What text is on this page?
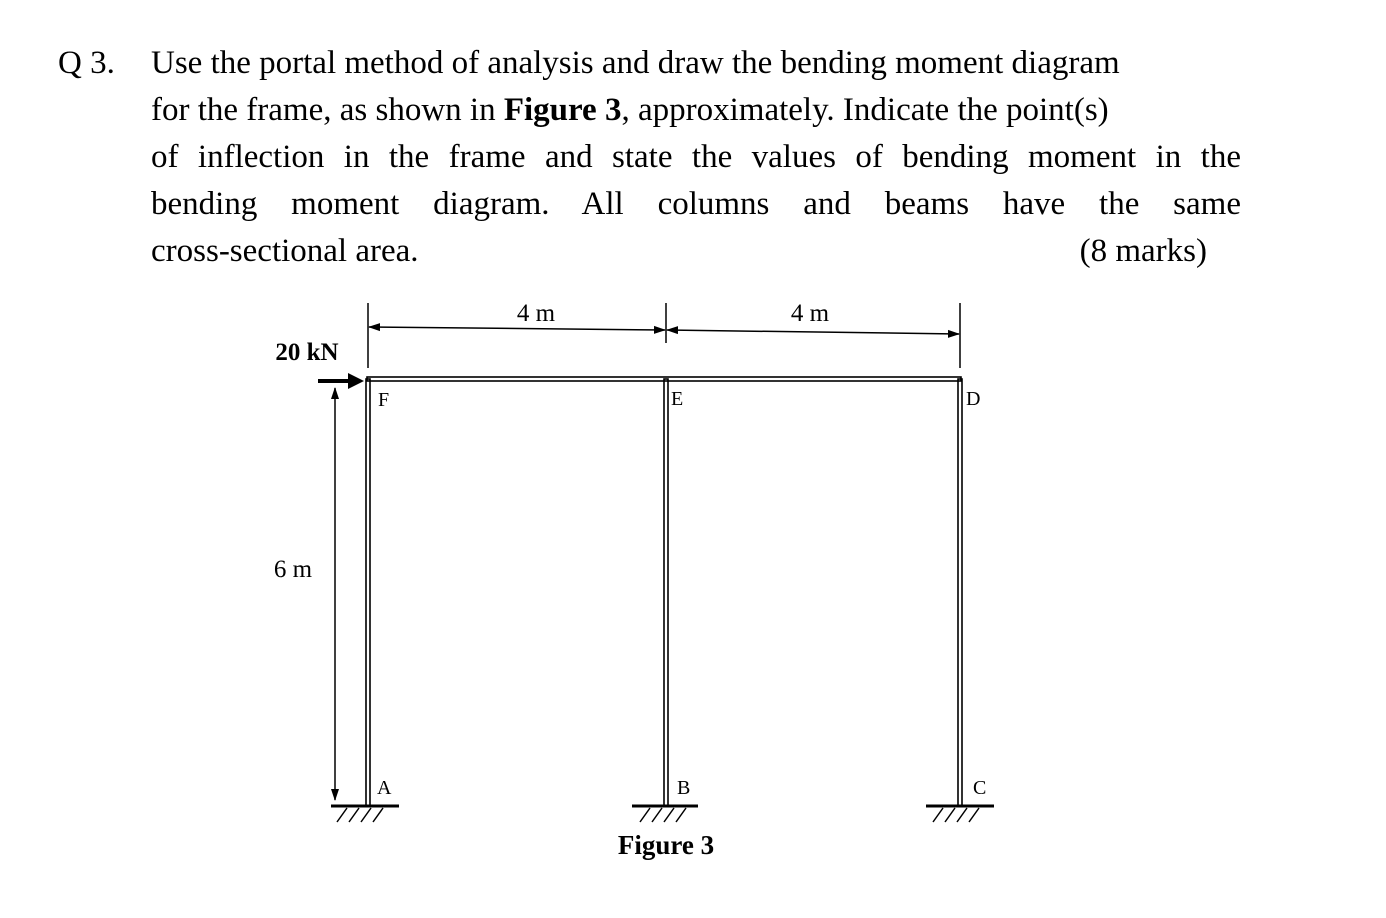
Q 3. Use the portal method of analysis and draw the bending moment diagram
for the frame, as shown in Figure 3, approximately. Indicate the point(s)
of inflection in the frame and state the values of bending moment in the
bending moment diagram. All columns and beams have the same
cross-sectional area.	(8 marks)
4 m	4 m
6 m
20 kN
F	E	D
A	B	C
Figure 3
